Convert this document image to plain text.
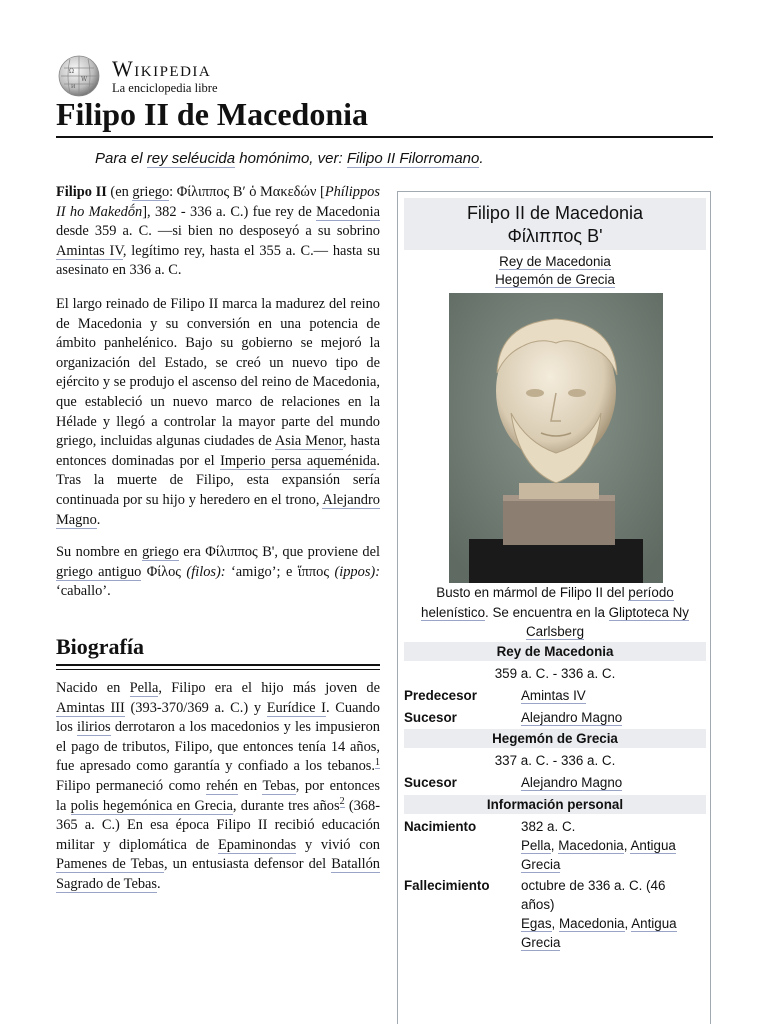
Ω
W
И
Wikipedia
La enciclopedia libre
Filipo II de Macedonia
Para el rey seléucida homónimo, ver: Filipo II Filorromano.

Filipo II (en griego: Φίλιππος Β′ ὁ Μακεδών [Phílippos II ho Makedṓn], 382 - 336 a. C.) fue rey de Macedonia desde 359 a. C. —si bien no desposeyó a su sobrino Amintas IV, legítimo rey, hasta el 355 a. C.— hasta su asesinato en 336 a. C.

El largo reinado de Filipo II marca la madurez del reino de Macedonia y su conversión en una potencia de ámbito panhelénico. Bajo su gobierno se mejoró la organización del Estado, se creó un nuevo tipo de ejército y se produjo el ascenso del reino de Macedonia, que estableció un nuevo marco de relaciones en la Hélade y llegó a controlar la mayor parte del mundo griego, incluidas algunas ciudades de Asia Menor, hasta entonces dominadas por el Imperio persa aqueménida. Tras la muerte de Filipo, esta expansión sería continuada por su hijo y heredero en el trono, Alejandro Magno.

Su nombre en griego era Φίλιππος Β', que proviene del griego antiguo Φίλος (filos): ‘amigo’; e ἵππος (ippos): ‘caballo’.

Biografía

Nacido en Pella, Filipo era el hijo más joven de Amintas III (393-370/369 a. C.) y Eurídice I. Cuando los ilirios derrotaron a los macedonios y les impusieron el pago de tributos, Filipo, que entonces tenía 14 años, fue apresado como garantía y confiado a los tebanos.$^1$ Filipo permaneció como rehén en Tebas, por entonces la polis hegemónica en Grecia, durante tres años$^2$ (368-365 a. C.) En esa época Filipo II recibió educación militar y diplomática de Epaminondas y vivió con Pamenes de Tebas, un entusiasta defensor del Batallón Sagrado de Tebas.

Filipo II de Macedonia
Φίλιππος Β'
Rey de Macedonia
Hegemón de Grecia
Busto en mármol de Filipo II del período helenístico. Se encuentra en la Gliptoteca Ny Carlsberg
Rey de Macedonia
359 a. C. - 336 a. C.
Predecesor	Amintas IV
Sucesor	Alejandro Magno
Hegemón de Grecia
337 a. C. - 336 a. C.
Sucesor	Alejandro Magno
Información personal
Nacimiento	382 a. C.
Pella, Macedonia, Antigua Grecia
Fallecimiento octubre de 336 a. C. (46 años)
Egas, Macedonia, Antigua Grecia
